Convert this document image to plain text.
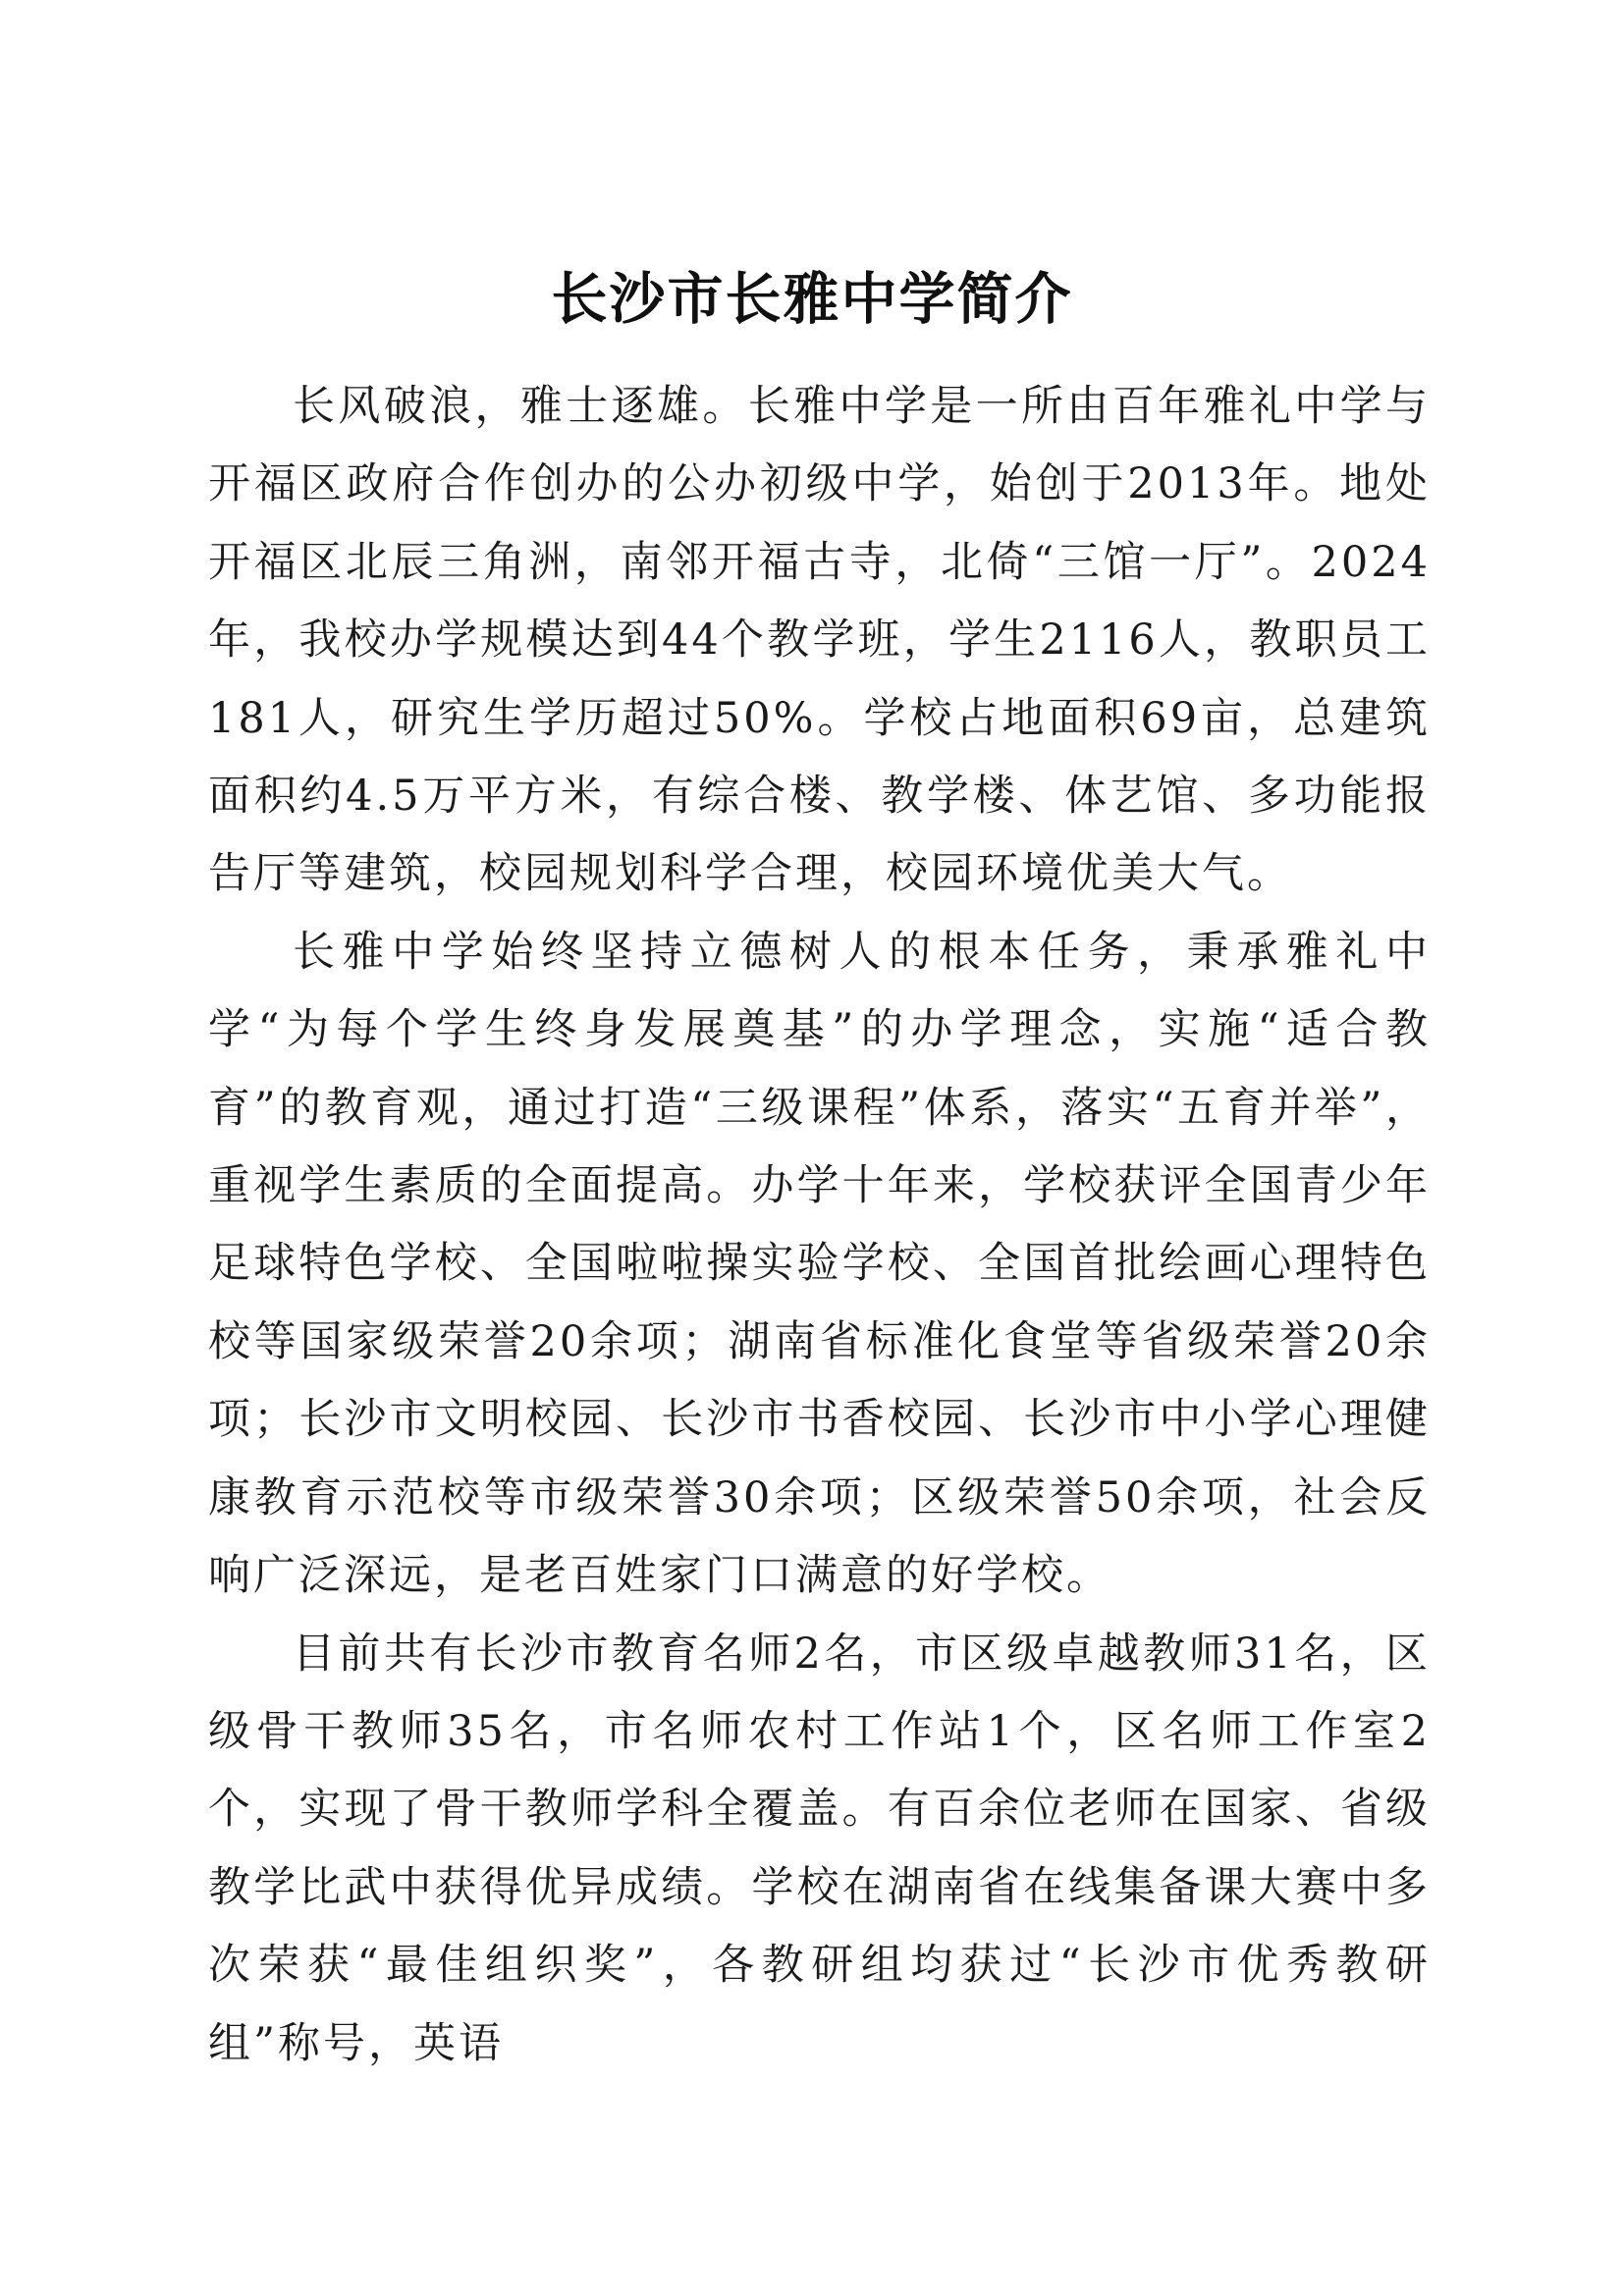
长沙市长雅中学简介

长风破浪，雅士逐雄。长雅中学是一所由百年雅礼中学与开福区政府合作创办的公办初级中学，始创于2013年。地处开福区北辰三角洲，南邻开福古寺，北倚“三馆一厅”。2024年，我校办学规模达到44个教学班，学生2116人，教职员工181人，研究生学历超过50%。学校占地面积69亩，总建筑面积约4.5万平方米，有综合楼、教学楼、体艺馆、多功能报告厅等建筑，校园规划科学合理，校园环境优美大气。

长雅中学始终坚持立德树人的根本任务，秉承雅礼中学“为每个学生终身发展奠基”的办学理念，实施“适合教育”的教育观，通过打造“三级课程”体系，落实“五育并举”，重视学生素质的全面提高。办学十年来，学校获评全国青少年足球特色学校、全国啦啦操实验学校、全国首批绘画心理特色校等国家级荣誉20余项；湖南省标准化食堂等省级荣誉20余项；长沙市文明校园、长沙市书香校园、长沙市中小学心理健康教育示范校等市级荣誉30余项；区级荣誉50余项，社会反响广泛深远，是老百姓家门口满意的好学校。

目前共有长沙市教育名师2名，市区级卓越教师31名，区级骨干教师35名，市名师农村工作站1个，区名师工作室2个，实现了骨干教师学科全覆盖。有百余位老师在国家、省级教学比武中获得优异成绩。学校在湖南省在线集备课大赛中多次荣获“最佳组织奖”，各教研组均获过“长沙市优秀教研组”称号，英语
